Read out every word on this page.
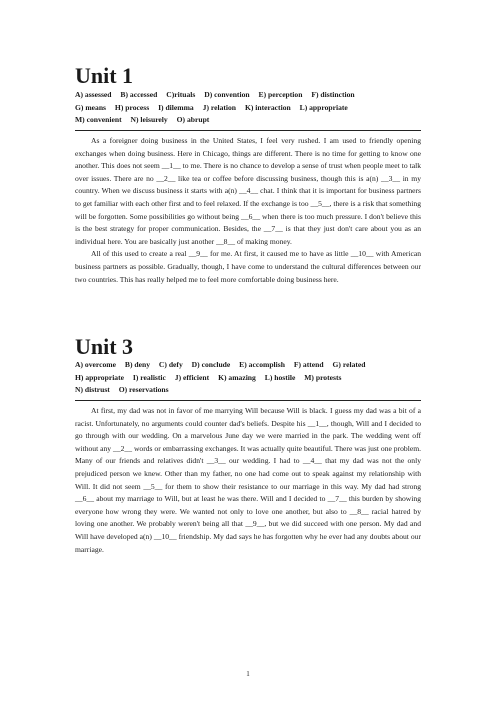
Unit 1
A) assessed B) accessed C)rituals D) convention E) perception F) distinction
G) means H) process I) dilemma J) relation K) interaction L) appropriate
M) convenient N) leisurely O) abrupt

As a foreigner doing business in the United States, I feel very rushed. I am used to friendly opening exchanges when doing business. Here in Chicago, things are different. There is no time for getting to know one another. This does not seem __1__ to me. There is no chance to develop a sense of trust when people meet to talk over issues. There are no __2__ like tea or coffee before discussing business, though this is a(n) __3__ in my country. When we discuss business it starts with a(n) __4__ chat. I think that it is important for business partners to get familiar with each other first and to feel relaxed. If the exchange is too __5__, there is a risk that something will be forgotten. Some possibilities go without being __6__ when there is too much pressure. I don't believe this is the best strategy for proper communication. Besides, the __7__ is that they just don't care about you as an individual here. You are basically just another __8__ of making money.

All of this used to create a real __9__ for me. At first, it caused me to have as little __10__ with American business partners as possible. Gradually, though, I have come to understand the cultural differences between our two countries. This has really helped me to feel more comfortable doing business here.

Unit 3
A) overcome B) deny C) defy D) conclude E) accomplish F) attend G) related
H) appropriate I) realistic J) efficient K) amazing L) hostile M) protests
N) distrust O) reservations

At first, my dad was not in favor of me marrying Will because Will is black. I guess my dad was a bit of a racist. Unfortunately, no arguments could counter dad's beliefs. Despite his __1__, though, Will and I decided to go through with our wedding. On a marvelous June day we were married in the park. The wedding went off without any __2__ words or embarrassing exchanges. It was actually quite beautiful. There was just one problem. Many of our friends and relatives didn't __3__ our wedding. I had to __4__ that my dad was not the only prejudiced person we knew. Other than my father, no one had come out to speak against my relationship with Will. It did not seem __5__ for them to show their resistance to our marriage in this way. My dad had strong __6__ about my marriage to Will, but at least he was there. Will and I decided to __7__ this burden by showing everyone how wrong they were. We wanted not only to love one another, but also to __8__ racial hatred by loving one another. We probably weren't being all that __9__, but we did succeed with one person. My dad and Will have developed a(n) __10__ friendship. My dad says he has forgotten why he ever had any doubts about our marriage.

1
